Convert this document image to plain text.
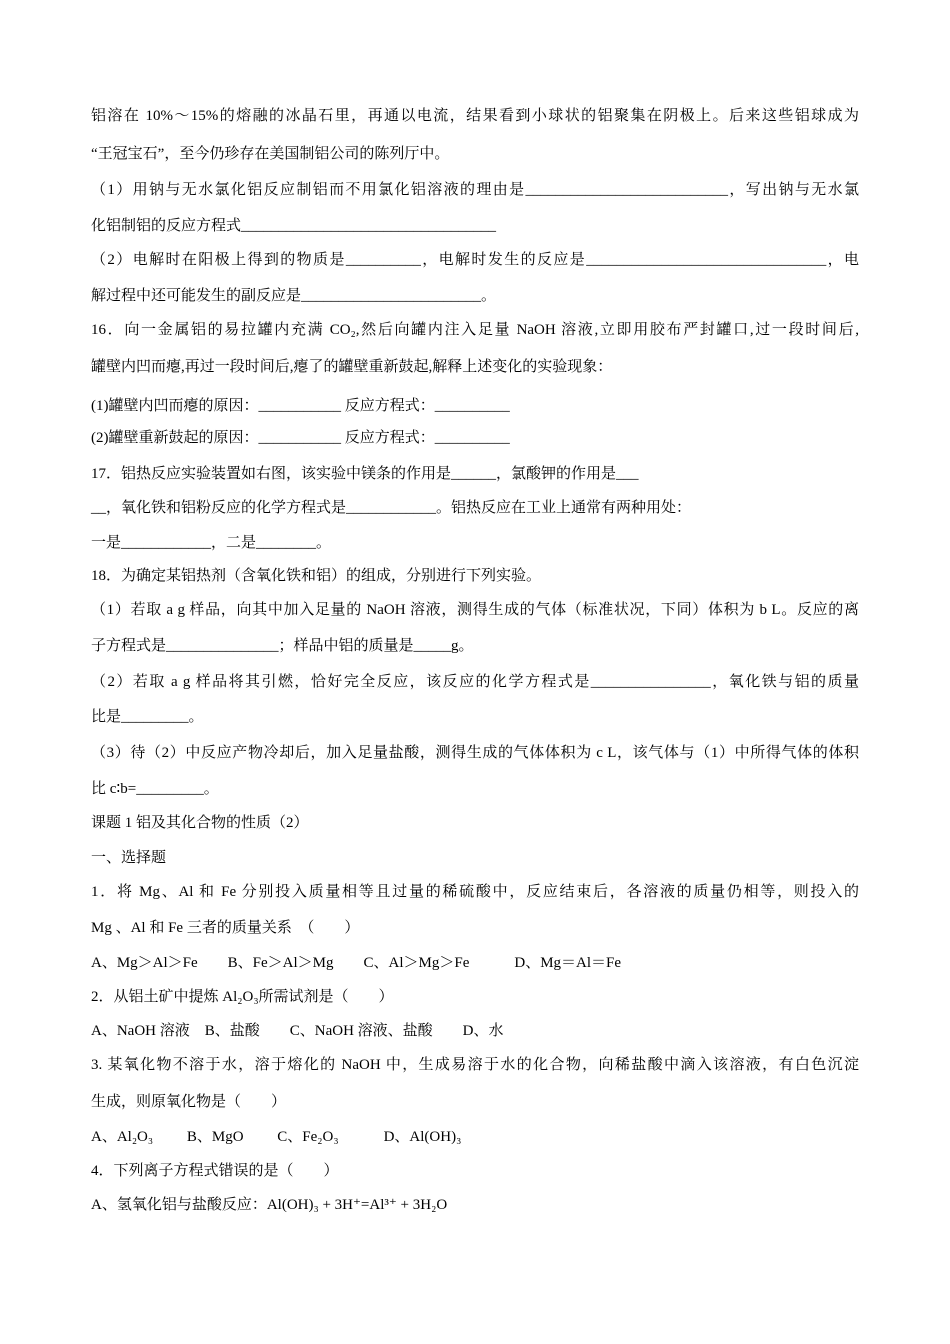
铝溶在 10%～15%的熔融的冰晶石里，再通以电流，结果看到小球状的铝聚集在阴极上。后来这些铝球成为
“王冠宝石”，至今仍珍存在美国制铝公司的陈列厅中。
（1）用钠与无水氯化铝反应制铝而不用氯化铝溶液的理由是___________________________，写出钠与无水氯
化铝制铝的反应方程式__________________________________
（2）电解时在阳极上得到的物质是__________，电解时发生的反应是________________________________，电
解过程中还可能发生的副反应是________________________。
16．向一金属铝的易拉罐内充满 CO₂,然后向罐内注入足量 NaOH 溶液,立即用胶布严封罐口,过一段时间后,
罐壁内凹而瘪,再过一段时间后,瘪了的罐壁重新鼓起,解释上述变化的实验现象：
(1)罐壁内凹而瘪的原因：___________ 反应方程式：__________
(2)罐壁重新鼓起的原因：___________ 反应方程式：__________
17．铝热反应实验装置如右图，该实验中镁条的作用是______，氯酸钾的作用是___
__，氧化铁和铝粉反应的化学方程式是____________。铝热反应在工业上通常有两种用处：
一是____________，二是________。
18．为确定某铝热剂（含氧化铁和铝）的组成，分别进行下列实验。
（1）若取 a g 样品，向其中加入足量的 NaOH 溶液，测得生成的气体（标准状况，下同）体积为 b L。反应的离
子方程式是_______________；样品中铝的质量是_____g。
（2）若取 a g 样品将其引燃，恰好完全反应，该反应的化学方程式是________________，氧化铁与铝的质量
比是_________。
（3）待（2）中反应产物冷却后，加入足量盐酸，测得生成的气体体积为 c L，该气体与（1）中所得气体的体积
比 c∶b=_________。
课题 1 铝及其化合物的性质（2）
一、选择题
1．将 Mg、Al 和 Fe 分别投入质量相等且过量的稀硫酸中，反应结束后，各溶液的质量仍相等，则投入的
Mg 、Al 和 Fe 三者的质量关系　（　　）
A、Mg＞Al＞Fe　　B、Fe＞Al＞Mg　　C、Al＞Mg＞Fe　　　D、Mg＝Al＝Fe
2．从铝土矿中提炼 Al₂O₃所需试剂是（　　）
A、NaOH 溶液　B、盐酸　　C、NaOH 溶液、盐酸　　D、水
3. 某氧化物不溶于水，溶于熔化的 NaOH 中，生成易溶于水的化合物，向稀盐酸中滴入该溶液，有白色沉淀
生成，则原氧化物是（　　）
A、Al₂O₃　　 B、MgO　　 C、Fe₂O₃　　　D、Al(OH)₃
4．下列离子方程式错误的是（　　）
A、氢氧化铝与盐酸反应：Al(OH)₃ + 3H⁺=Al³⁺ + 3H₂O
